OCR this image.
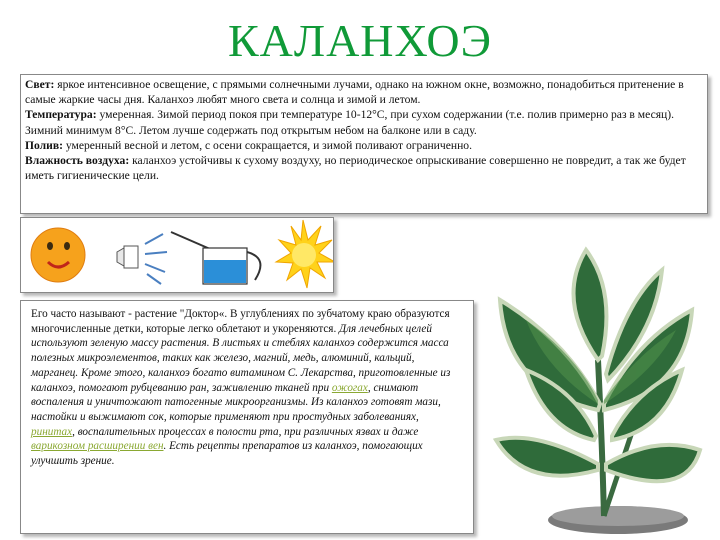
КАЛАНХОЭ

Свет: яркое интенсивное освещение, с прямыми солнечными лучами, однако на южном окне, возможно, понадобиться притенение в самые жаркие часы дня. Каланхоэ любят много света и солнца и зимой и летом.
Температура: умеренная. Зимой период покоя при температуре 10-12°С, при сухом содержании (т.е. полив примерно раз в месяц). Зимний минимум 8°С. Летом лучше содержать под открытым небом на балконе или в саду.
Полив: умеренный весной и летом, с осени сокращается, и зимой поливают ограниченно.
Влажность воздуха: каланхоэ устойчивы к сухому воздуху, но периодическое опрыскивание совершенно не повредит, а так же будет иметь гигиенические цели.

Его часто называют - растение "Доктор«. В углублениях по зубчатому краю образуются многочисленные детки, которые легко облетают и укореняются. Для лечебных целей используют зеленую массу растения. В листьях и стеблях каланхоэ содержится масса полезных микроэлементов, таких как железо, магний, медь, алюминий, кальций, марганец. Кроме этого, каланхоэ богато витамином С. Лекарства, приготовленные из каланхоэ, помогают рубцеванию ран, заживлению тканей при ожогах, снимают воспаления и уничтожают патогенные микроорганизмы. Из каланхоэ готовят мази, настойки и выжимают сок, которые применяют при простудных заболеваниях, ринитах, воспалительных процессах в полости рта, при различных язвах и даже варикозном расширении вен. Есть рецепты препаратов из каланхоэ, помогающих улучшить зрение.
